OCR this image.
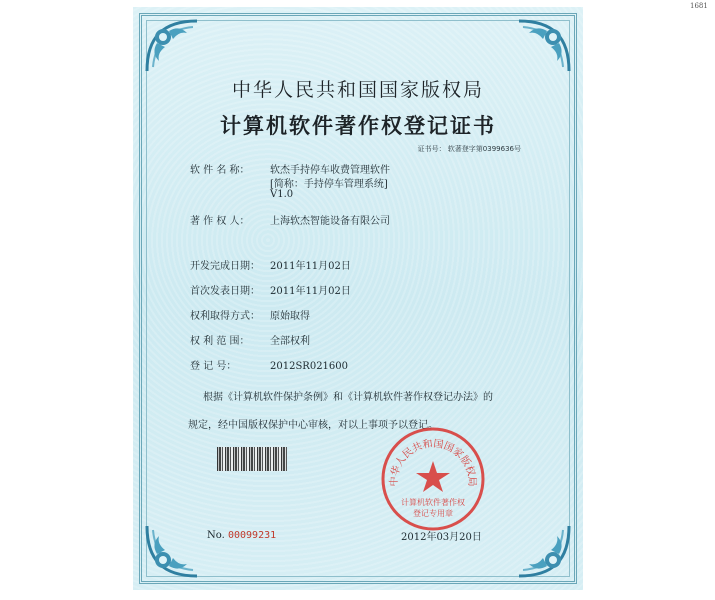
1681
中华人民共和国国家版权局
计算机软件著作权登记证书
证书号： 软著登字第0399636号
软 件 名 称： 软杰手持停车收费管理软件
[简称：手持停车管理系统]
V1.0
著 作 权 人： 上海软杰智能设备有限公司
开发完成日期： 2011年11月02日
首次发表日期： 2011年11月02日
权利取得方式： 原始取得
权 利 范 围： 全部权利
登 记 号：	2012SR021600
根据《计算机软件保护条例》和《计算机软件著作权登记办法》的
规定，经中国版权保护中心审核，对以上事项予以登记。
No. 00099231	2012年03月20日
中华人民共和国国家版权局
计算机软件著作权
登记专用章
